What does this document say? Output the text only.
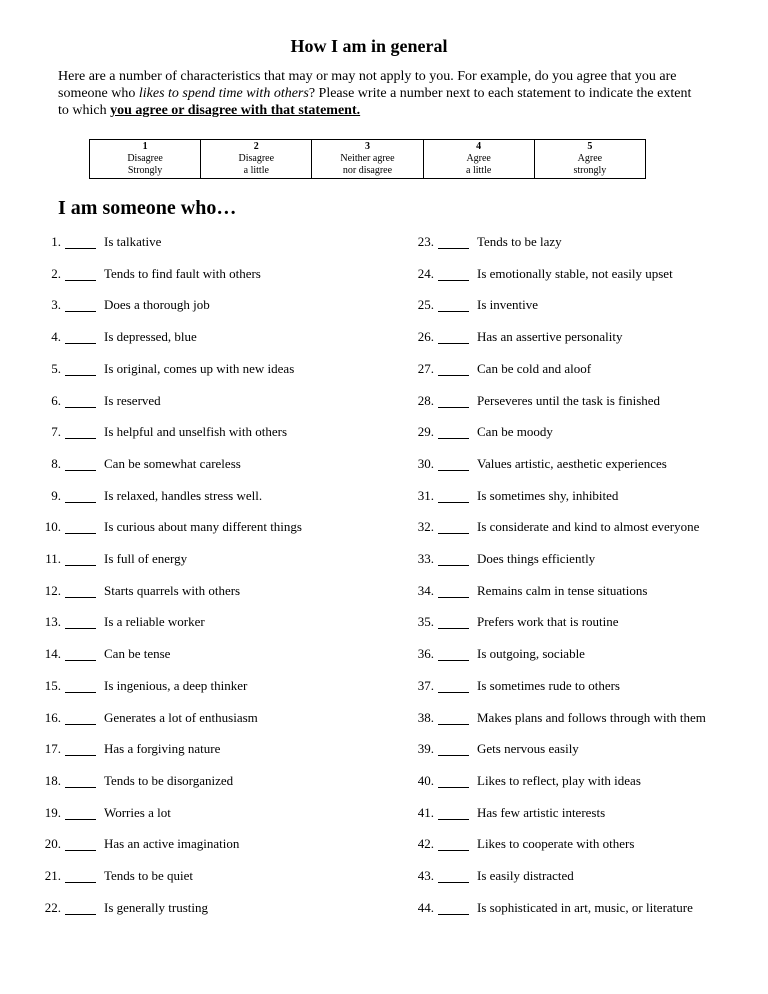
How I am in general
Here are a number of characteristics that may or may not apply to you. For example, do you agree that you are someone who likes to spend time with others? Please write a number next to each statement to indicate the extent to which you agree or disagree with that statement.
1
Disagree
Strongly

2
Disagree
a little

3
Neither agree
nor disagree

4
Agree
a little

5
Agree
strongly
I am someone who…
1.	Is talkative
2.	Tends to find fault with others
3.	Does a thorough job
4.	Is depressed, blue
5.	Is original, comes up with new ideas
6.	Is reserved
7.	Is helpful and unselfish with others
8.	Can be somewhat careless
9.	Is relaxed, handles stress well.
10.	Is curious about many different things
11.	Is full of energy
12.	Starts quarrels with others
13.	Is a reliable worker
14.	Can be tense
15.	Is ingenious, a deep thinker
16.	Generates a lot of enthusiasm
17.	Has a forgiving nature
18.	Tends to be disorganized
19.	Worries a lot
20.	Has an active imagination
21.	Tends to be quiet
22.	Is generally trusting
23.	Tends to be lazy
24.	Is emotionally stable, not easily upset
25.	Is inventive
26.	Has an assertive personality
27.	Can be cold and aloof
28.	Perseveres until the task is finished
29.	Can be moody
30.	Values artistic, aesthetic experiences
31.	Is sometimes shy, inhibited
32.	Is considerate and kind to almost everyone
33.	Does things efficiently
34.	Remains calm in tense situations
35.	Prefers work that is routine
36.	Is outgoing, sociable
37.	Is sometimes rude to others
38.	Makes plans and follows through with them
39.	Gets nervous easily
40.	Likes to reflect, play with ideas
41.	Has few artistic interests
42.	Likes to cooperate with others
43.	Is easily distracted
44.	Is sophisticated in art, music, or literature
